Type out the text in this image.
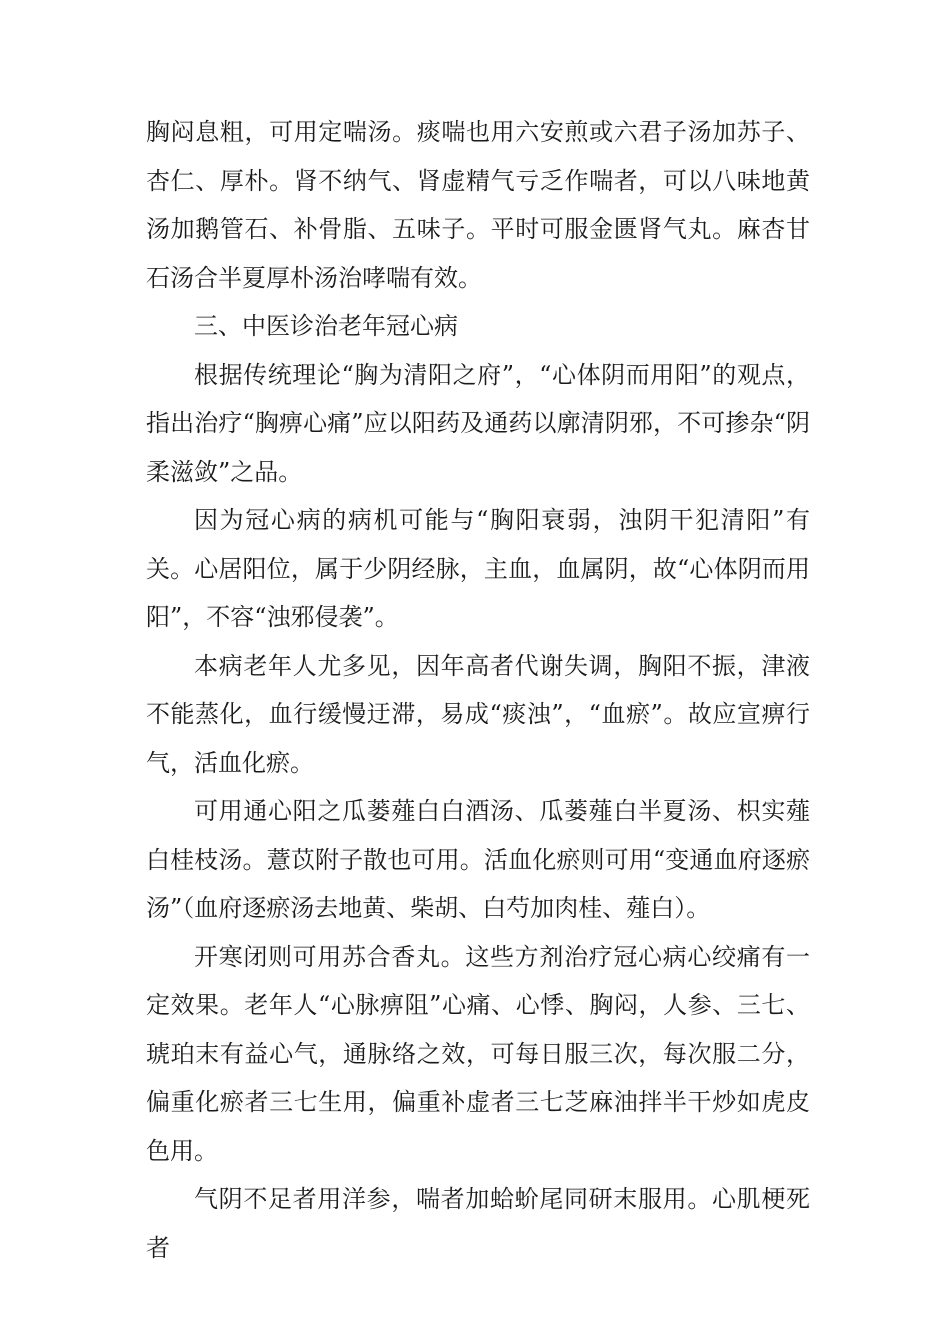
胸闷息粗，可用定喘汤。痰喘也用六安煎或六君子汤加苏子、杏仁、厚朴。肾不纳气、肾虚精气亏乏作喘者，可以八味地黄汤加鹅管石、补骨脂、五味子。平时可服金匮肾气丸。麻杏甘石汤合半夏厚朴汤治哮喘有效。

三、中医诊治老年冠心病

根据传统理论“胸为清阳之府”，“心体阴而用阳”的观点，指出治疗“胸痹心痛”应以阳药及通药以廓清阴邪，不可掺杂“阴柔滋敛”之品。

因为冠心病的病机可能与“胸阳衰弱，浊阴干犯清阳”有关。心居阳位，属于少阴经脉，主血，血属阴，故“心体阴而用阳”，不容“浊邪侵袭”。

本病老年人尤多见，因年高者代谢失调，胸阳不振，津液不能蒸化，血行缓慢迂滞，易成“痰浊”，“血瘀”。故应宣痹行气，活血化瘀。

可用通心阳之瓜蒌薤白白酒汤、瓜蒌薤白半夏汤、枳实薤白桂枝汤。薏苡附子散也可用。活血化瘀则可用“变通血府逐瘀汤”（血府逐瘀汤去地黄、柴胡、白芍加肉桂、薤白）。

开寒闭则可用苏合香丸。这些方剂治疗冠心病心绞痛有一定效果。老年人“心脉痹阻”心痛、心悸、胸闷，人参、三七、琥珀末有益心气，通脉络之效，可每日服三次，每次服二分，偏重化瘀者三七生用，偏重补虚者三七芝麻油拌半干炒如虎皮色用。

气阴不足者用洋参，喘者加蛤蚧尾同研末服用。心肌梗死者
